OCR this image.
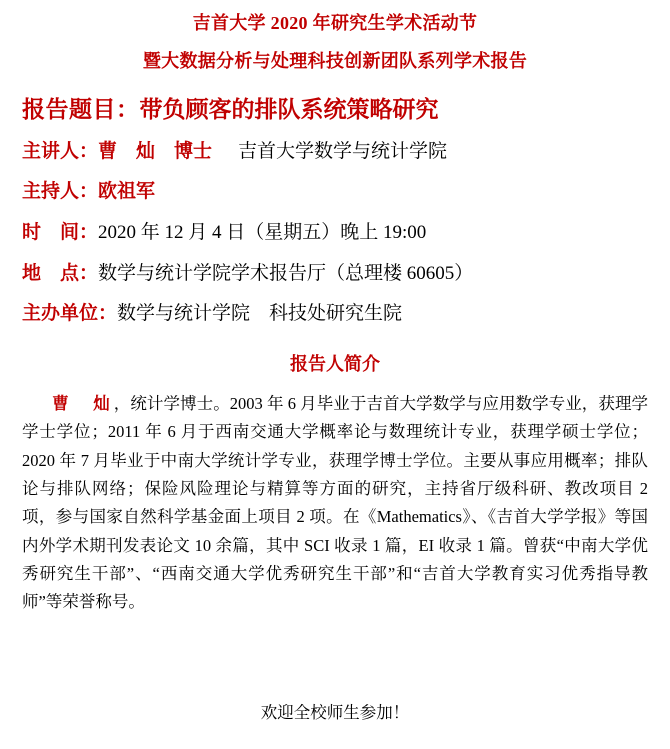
吉首大学 2020 年研究生学术活动节
暨大数据分析与处理科技创新团队系列学术报告
报告题目：带负顾客的排队系统策略研究
主讲人：曹　灿　博士 吉首大学数学与统计学院
主持人：欧祖军
时　间：2020 年 12 月 4 日（星期五）晚上 19:00
地　点：数学与统计学院学术报告厅（总理楼 60605）
主办单位：数学与统计学院　科技处研究生院
报告人简介
曹　灿，统计学博士。2003 年 6 月毕业于吉首大学数学与应用数学专业，获理学学士学位；2011 年 6 月于西南交通大学概率论与数理统计专业，获理学硕士学位；2020 年 7 月毕业于中南大学统计学专业，获理学博士学位。主要从事应用概率；排队论与排队网络；保险风险理论与精算等方面的研究，主持省厅级科研、教改项目 2 项，参与国家自然科学基金面上项目 2 项。在《Mathematics》、《吉首大学学报》等国内外学术期刊发表论文 10 余篇，其中 SCI 收录 1 篇，EI 收录 1 篇。曾获“中南大学优秀研究生干部”、“西南交通大学优秀研究生干部”和“吉首大学教育实习优秀指导教师”等荣誉称号。
欢迎全校师生参加！
